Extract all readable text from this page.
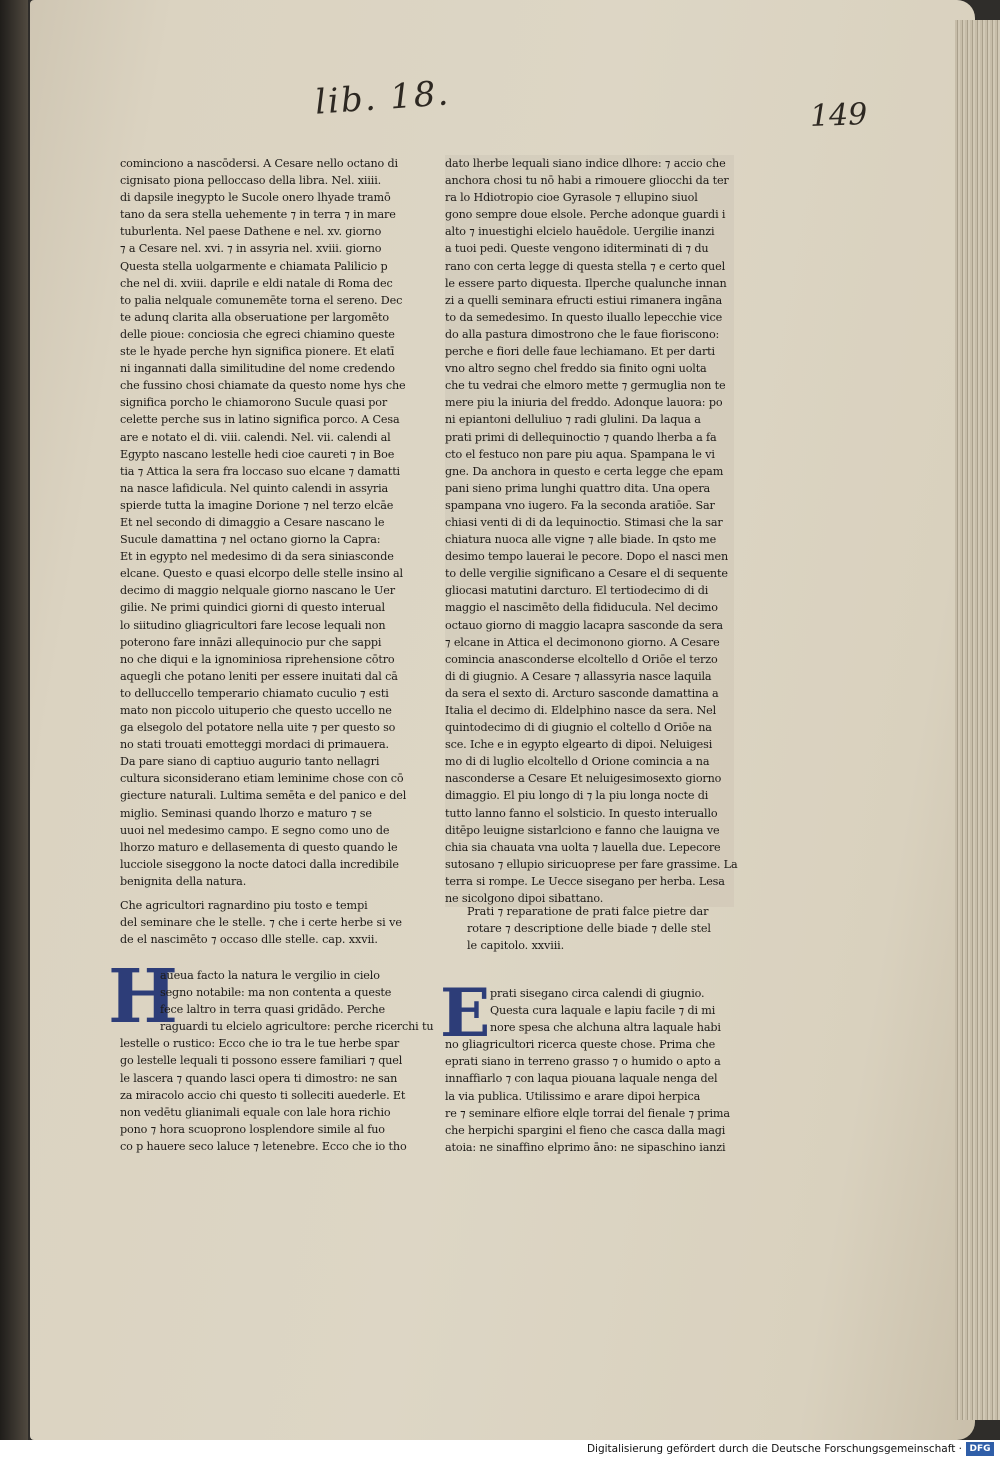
lib. 18.	149
cominciono a nascōdersi. A Cesare nello octano di
cignisato piona pelloccaso della libra. Nel. xiiii.
di dapsile inegypto le Sucole onero lhyade tramō
tano da sera stella uehemente ⁊ in terra ⁊ in mare
tuburlenta. Nel paese Dathene e nel. xv. giorno
⁊ a Cesare nel. xvi. ⁊ in assyria nel. xviii. giorno
Questa stella uolgarmente e chiamata Palilicio p
che nel di. xviii. daprile e eldi natale di Roma dec
to palia nelquale comunemēte torna el sereno. Dec
te adunq clarita alla obseruatione per largomēto
delle pioue: conciosia che egreci chiamino queste
ste le hyade perche hyn significa pionere. Et elatī
ni ingannati dalla similitudine del nome credendo
che fussino chosi chiamate da questo nome hys che
significa porcho le chiamorono Sucule quasi por
celette perche sus in latino significa porco. A Cesa
are e notato el di. viii. calendi. Nel. vii. calendi al
Egypto nascano lestelle hedi cioe caureti ⁊ in Boe
tia ⁊ Attica la sera fra loccaso suo elcane ⁊ damatti
na nasce lafidicula. Nel quinto calendi in assyria
spierde tutta la imagine Dorione ⁊ nel terzo elcāe
Et nel secondo di dimaggio a Cesare nascano le
Sucule damattina ⁊ nel octano giorno la Capra:
Et in egypto nel medesimo di da sera siniasconde
elcane. Questo e quasi elcorpo delle stelle insino al
decimo di maggio nelquale giorno nascano le Uer
gilie. Ne primi quindici giorni di questo interual
lo siitudino gliagricultori fare lecose lequali non
poterono fare innāzi allequinocio pur che sappi
no che diqui e la ignominiosa riprehensione cōtro
aquegli che potano leniti per essere inuitati dal cā
to delluccello temperario chiamato cuculio ⁊ esti
mato non piccolo uituperio che questo uccello ne
ga elsegolo del potatore nella uite ⁊ per questo so
no stati trouati emotteggi mordaci di primauera.
Da pare siano di captiuo augurio tanto nellagri
cultura siconsiderano etiam leminime chose con cō
giecture naturali. Lultima semēta e del panico e del
miglio. Seminasi quando lhorzo e maturo ⁊ se
uuoi nel medesimo campo. E segno como uno de
lhorzo maturo e dellasementa di questo quando le
lucciole siseggono la nocte datoci dalla incredibile
benignita della natura.
dato lherbe lequali siano indice dlhore: ⁊ accio che
anchora chosi tu nō habi a rimouere gliocchi da ter
ra lo Hdiotropio cioe Gyrasole ⁊ ellupino siuol
gono sempre doue elsole. Perche adonque guardi i
alto ⁊ inuestighi elcielo hauēdole. Uergilie inanzi
a tuoi pedi. Queste vengono iditerminati di ⁊ du
rano con certa legge di questa stella ⁊ e certo quel
le essere parto diquesta. Ilperche qualunche innan
zi a quelli seminara efructi estiui rimanera ingāna
to da semedesimo. In questo iluallo lepecchie vice
do alla pastura dimostrono che le faue fioriscono:
perche e fiori delle faue lechiamano. Et per darti
vno altro segno chel freddo sia finito ogni uolta
che tu vedrai che elmoro mette ⁊ germuglia non te
mere piu la iniuria del freddo. Adonque lauora: po
ni epiantoni delluliuo ⁊ radi glulini. Da laqua a
prati primi di dellequinoctio ⁊ quando lherba a fa
cto el festuco non pare piu aqua. Spampana le vi
gne. Da anchora in questo e certa legge che epam
pani sieno prima lunghi quattro dita. Una opera
spampana vno iugero. Fa la seconda aratiōe. Sar
chiasi venti di di da lequinoctio. Stimasi che la sar
chiatura nuoca alle vigne ⁊ alle biade. In qsto me
desimo tempo lauerai le pecore. Dopo el nasci men
to delle vergilie significano a Cesare el di sequente
gliocasi matutini darcturo. El tertiodecimo di di
maggio el nascimēto della fididucula. Nel decimo
octauo giorno di maggio lacapra sasconde da sera
⁊ elcane in Attica el decimonono giorno. A Cesare
comincia anasconderse elcoltello d Oriōe el terzo
di di giugnio. A Cesare ⁊ allassyria nasce laquila
da sera el sexto di. Arcturo sasconde damattina a
Italia el decimo di. Eldelphino nasce da sera. Nel
quintodecimo di di giugnio el coltello d Oriōe na
sce. Iche e in egypto elgearto di dipoi. Neluigesi
mo di di luglio elcoltello d Orione comincia a na
nasconderse a Cesare Et neluigesimosexto giorno
dimaggio. El piu longo di ⁊ la piu longa nocte di
tutto lanno fanno el solsticio. In questo interuallo
ditēpo leuigne sistarlciono e fanno che lauigna ve
chia sia chauata vna uolta ⁊ lauella due. Lepecore
sutosano ⁊ ellupio siricuoprese per fare grassime. La
terra si rompe. Le Uecce sisegano per herba. Lesa
ne sicolgono dipoi sibattano.
Che agricultori ragnardino piu tosto e tempi
del seminare che le stelle. ⁊ che i certe herbe si ve
de el nascimēto ⁊ occaso dlle stelle. cap. xxvii.
Prati ⁊ reparatione de prati falce pietre dar
rotare ⁊ descriptione delle biade ⁊ delle stel
le capitolo. xxviii.
H
aueua facto la natura le vergilio in cielo
segno notabile: ma non contenta a queste
fece laltro in terra quasi gridādo. Perche
raguardi tu elcielo agricultore: perche ricerchi tu
lestelle o rustico: Ecco che io tra le tue herbe spar
go lestelle lequali ti possono essere familiari ⁊ quel
le lascera ⁊ quando lasci opera ti dimostro: ne san
za miracolo accio chi questo ti solleciti auederle. Et
non vedētu glianimali equale con lale hora richio
pono ⁊ hora scuoprono losplendore simile al fuo
co p hauere seco laluce ⁊ letenebre. Ecco che io tho
E prati sisegano circa calendi di giugnio.
Questa cura laquale e lapiu facile ⁊ di mi
nore spesa che alchuna altra laquale habi
no gliagricultori ricerca queste chose. Prima che
eprati siano in terreno grasso ⁊ o humido o apto a
innaffiarlo ⁊ con laqua piouana laquale nenga del
la via publica. Utilissimo e arare dipoi herpica
re ⁊ seminare elfiore elqle torrai del fienale ⁊ prima
che herpichi spargini el fieno che casca dalla magi
atoia: ne sinaffino elprimo āno: ne sipaschino ianzi
Digitalisierung gefördert durch die Deutsche Forschungsgemeinschaft · DFG
